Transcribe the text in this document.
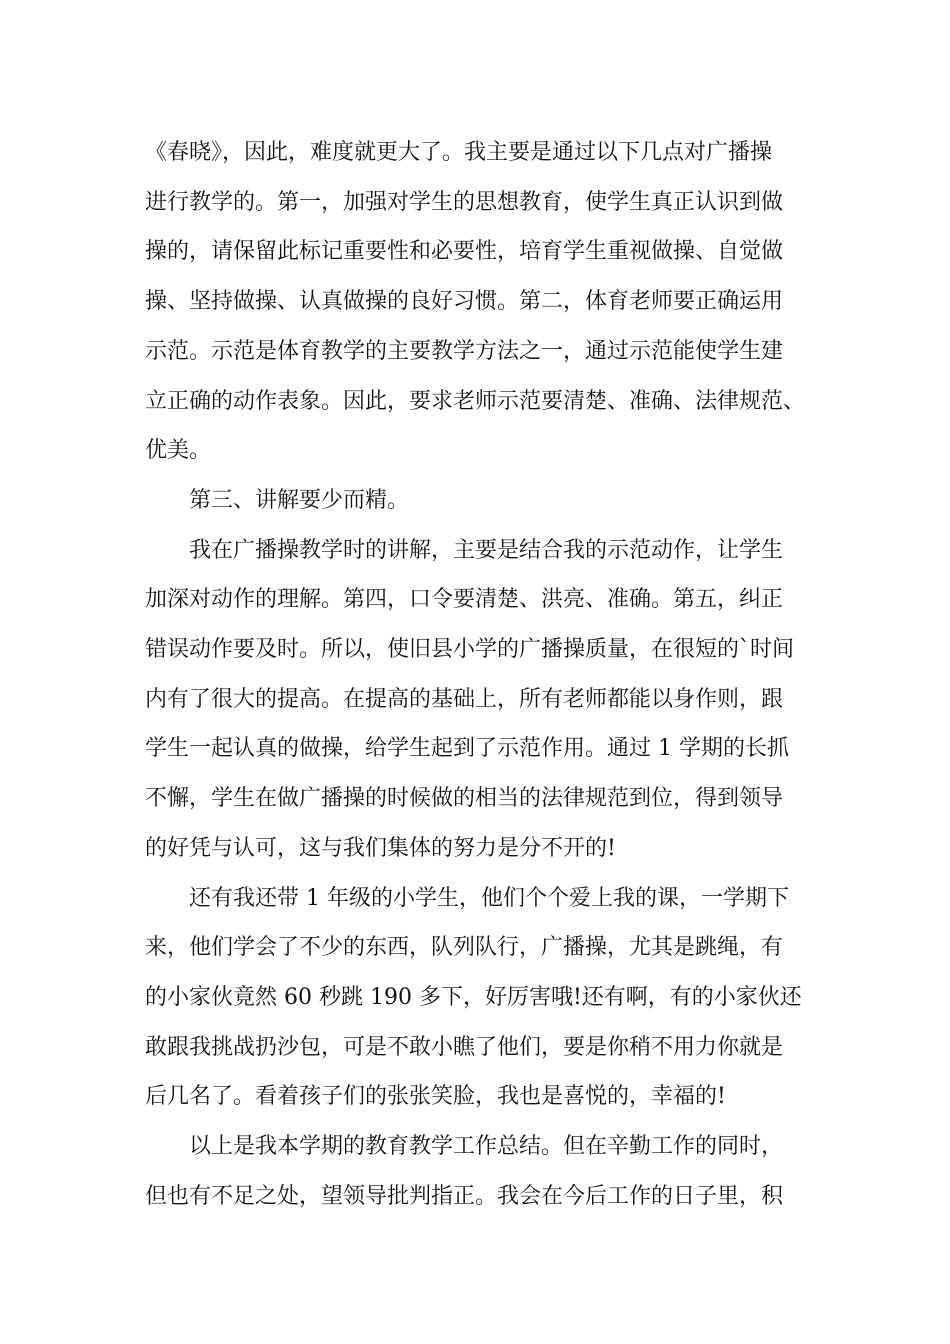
《春晓》，因此，难度就更大了。我主要是通过以下几点对广播操
进行教学的。第一，加强对学生的思想教育，使学生真正认识到做
操的，请保留此标记重要性和必要性，培育学生重视做操、自觉做
操、坚持做操、认真做操的良好习惯。第二，体育老师要正确运用
示范。示范是体育教学的主要教学方法之一，通过示范能使学生建
立正确的动作表象。因此，要求老师示范要清楚、准确、法律规范、
优美。
第三、讲解要少而精。
我在广播操教学时的讲解，主要是结合我的示范动作，让学生
加深对动作的理解。第四，口令要清楚、洪亮、准确。第五，纠正
错误动作要及时。所以，使旧县小学的广播操质量，在很短的`时间
内有了很大的提高。在提高的基础上，所有老师都能以身作则，跟
学生一起认真的做操，给学生起到了示范作用。通过 1 学期的长抓
不懈，学生在做广播操的时候做的相当的法律规范到位，得到领导
的好凭与认可，这与我们集体的努力是分不开的!
还有我还带 1 年级的小学生，他们个个爱上我的课，一学期下
来，他们学会了不少的东西，队列队行，广播操，尤其是跳绳，有
的小家伙竟然 60 秒跳 190 多下，好厉害哦!还有啊，有的小家伙还
敢跟我挑战扔沙包，可是不敢小瞧了他们，要是你稍不用力你就是
后几名了。看着孩子们的张张笑脸，我也是喜悦的，幸福的!
以上是我本学期的教育教学工作总结。但在辛勤工作的同时，
但也有不足之处，望领导批判指正。我会在今后工作的日子里，积
